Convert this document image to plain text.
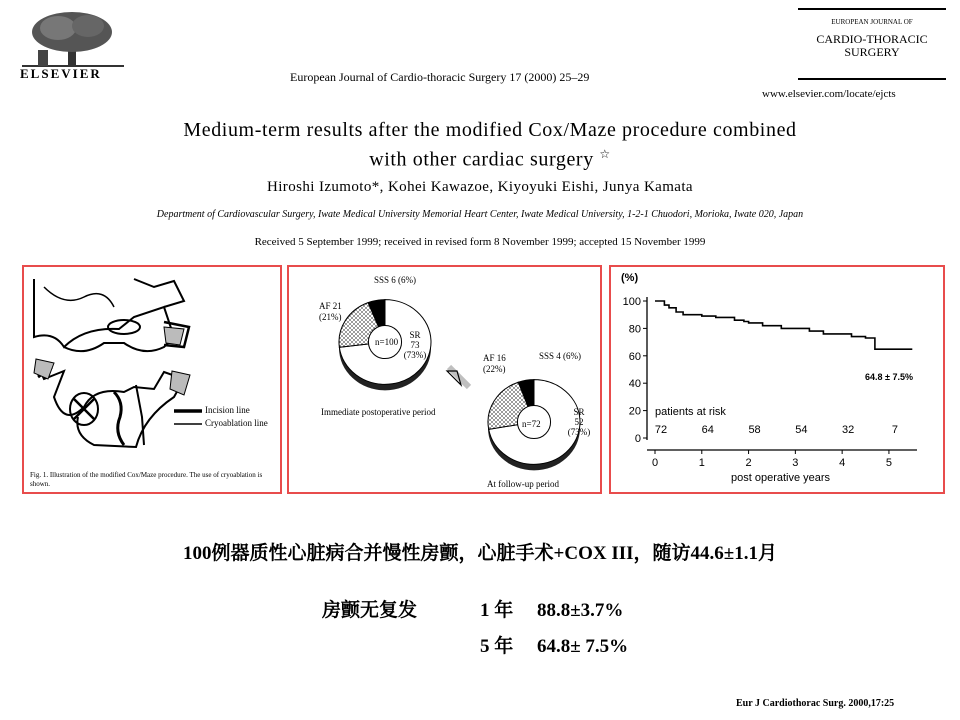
ELSEVIER	European Journal of Cardio-thoracic Surgery 17 (2000) 25–29
EUROPEAN JOURNAL OF
CARDIO-THORACIC
SURGERY
www.elsevier.com/locate/ejcts
Medium-term results after the modified Cox/Maze procedure combined
with other cardiac surgery ☆
Hiroshi Izumoto*, Kohei Kawazoe, Kiyoyuki Eishi, Junya Kamata
Department of Cardiovascular Surgery, Iwate Medical University Memorial Heart Center, Iwate Medical University, 1-2-1 Chuodori, Morioka, Iwate 020, Japan
Received 5 September 1999; received in revised form 8 November 1999; accepted 15 November 1999
Incision line
Cryoablation line
Fig. 1. Illustration of the modified Cox/Maze procedure. The use of cryoablation is shown.
SSS 6 (6%)
AF 21
(21%)
n=100
SR
73
(73%)
Immediate postoperative period
SSS 4 (6%)
AF 16
(22%)
n=72
SR
52
(73%)
At follow-up period
0
20
40
60
80
100
0	1	2	3	4	5
72	64	58	54	32	7
(%)
post operative years
64.8 ± 7.5%
patients at risk
100例器质性心脏病合并慢性房颤，心脏手术+COX III，随访44.6±1.1月
房颤无复发	1 年　 88.8±3.7%
5 年　 64.8± 7.5%
Eur J Cardiothorac Surg. 2000,17:25
